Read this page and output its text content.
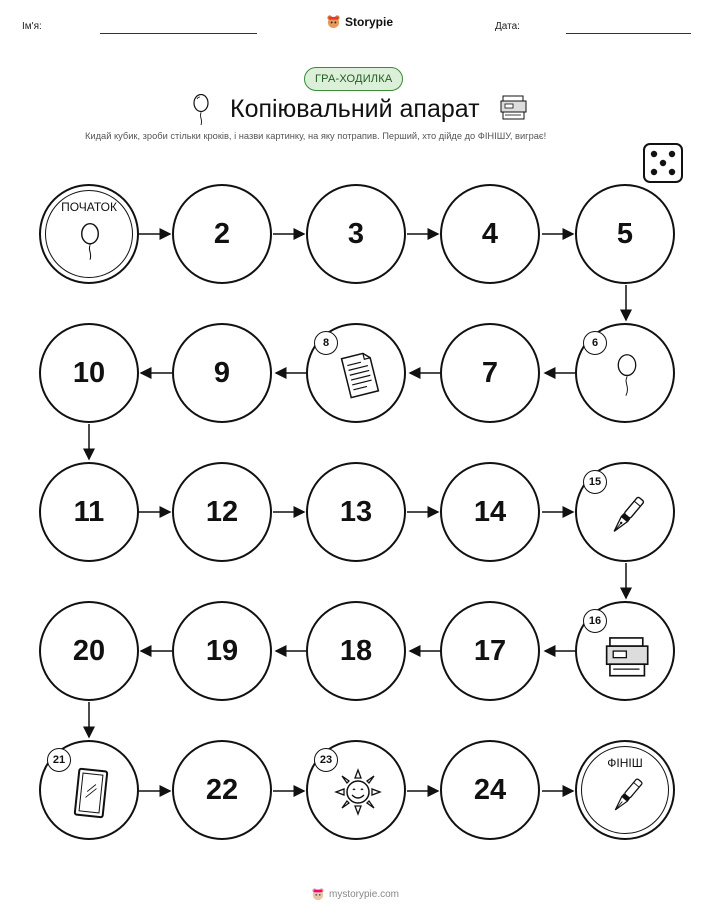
Ім'я:	Storypie	Дата:
ГРА-ХОДИЛКА
Копіювальний апарат
Кидай кубик, зроби стільки кроків, і назви картинку, на яку потрапив. Перший, хто дійде до ФІНІШУ, виграє!
ПОЧАТОК
2	3	4	5
10	9
8
7
6
11	12	13	14
15
20	19	18	17
16
21
22
23
24
ФІНІШ
mystorypie.com
